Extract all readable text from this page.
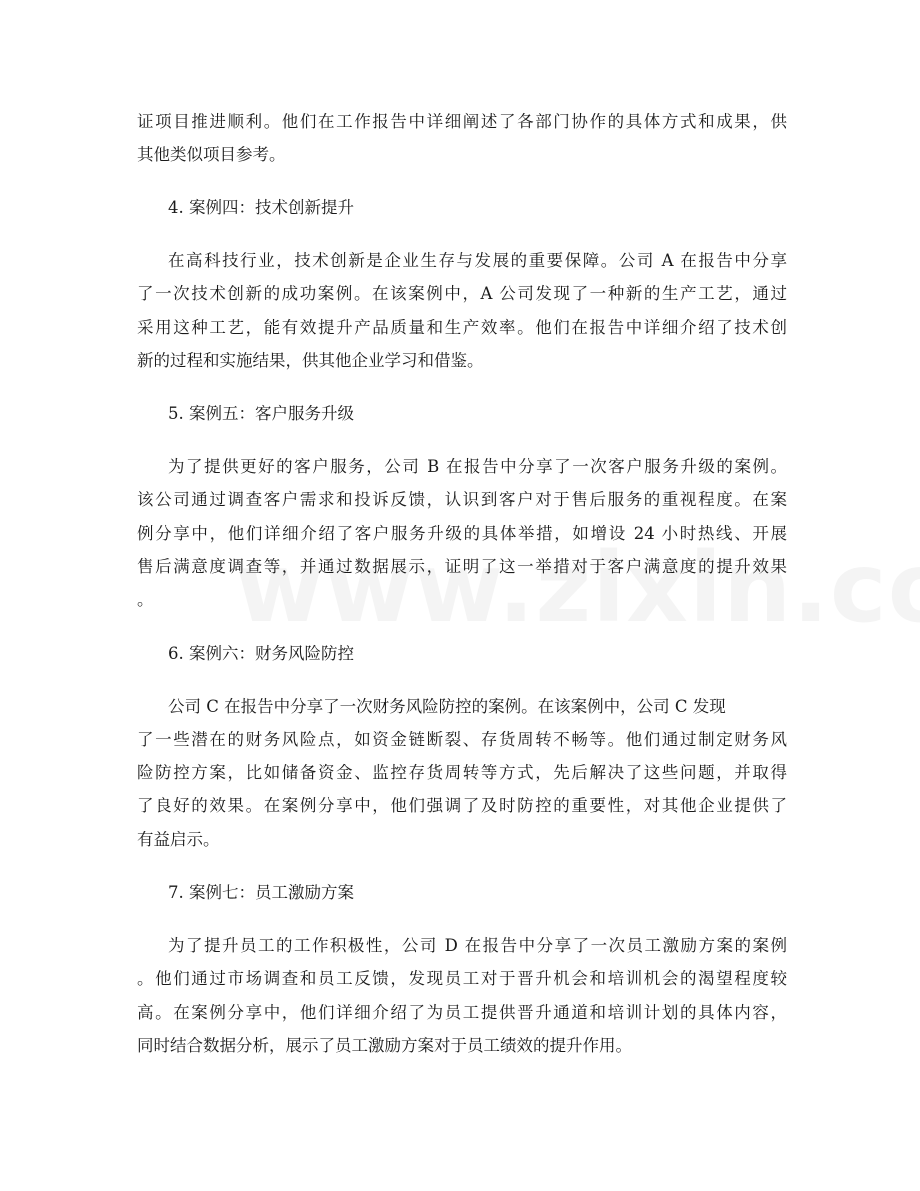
证项目推进顺利。他们在工作报告中详细阐述了各部门协作的具体方式和成果，供
其他类似项目参考。
4. 案例四：技术创新提升
在高科技行业，技术创新是企业生存与发展的重要保障。公司 A 在报告中分享
了一次技术创新的成功案例。在该案例中，A 公司发现了一种新的生产工艺，通过
采用这种工艺，能有效提升产品质量和生产效率。他们在报告中详细介绍了技术创
新的过程和实施结果，供其他企业学习和借鉴。
5. 案例五：客户服务升级
为了提供更好的客户服务，公司 B 在报告中分享了一次客户服务升级的案例。
该公司通过调查客户需求和投诉反馈，认识到客户对于售后服务的重视程度。在案
例分享中，他们详细介绍了客户服务升级的具体举措，如增设 24 小时热线、开展
售后满意度调查等，并通过数据展示，证明了这一举措对于客户满意度的提升效果
。
6. 案例六：财务风险防控
公司 C 在报告中分享了一次财务风险防控的案例。在该案例中，公司 C 发现
了一些潜在的财务风险点，如资金链断裂、存货周转不畅等。他们通过制定财务风
险防控方案，比如储备资金、监控存货周转等方式，先后解决了这些问题，并取得
了良好的效果。在案例分享中，他们强调了及时防控的重要性，对其他企业提供了
有益启示。
7. 案例七：员工激励方案
为了提升员工的工作积极性，公司 D 在报告中分享了一次员工激励方案的案例
。他们通过市场调查和员工反馈，发现员工对于晋升机会和培训机会的渴望程度较
高。在案例分享中，他们详细介绍了为员工提供晋升通道和培训计划的具体内容，
同时结合数据分析，展示了员工激励方案对于员工绩效的提升作用。
